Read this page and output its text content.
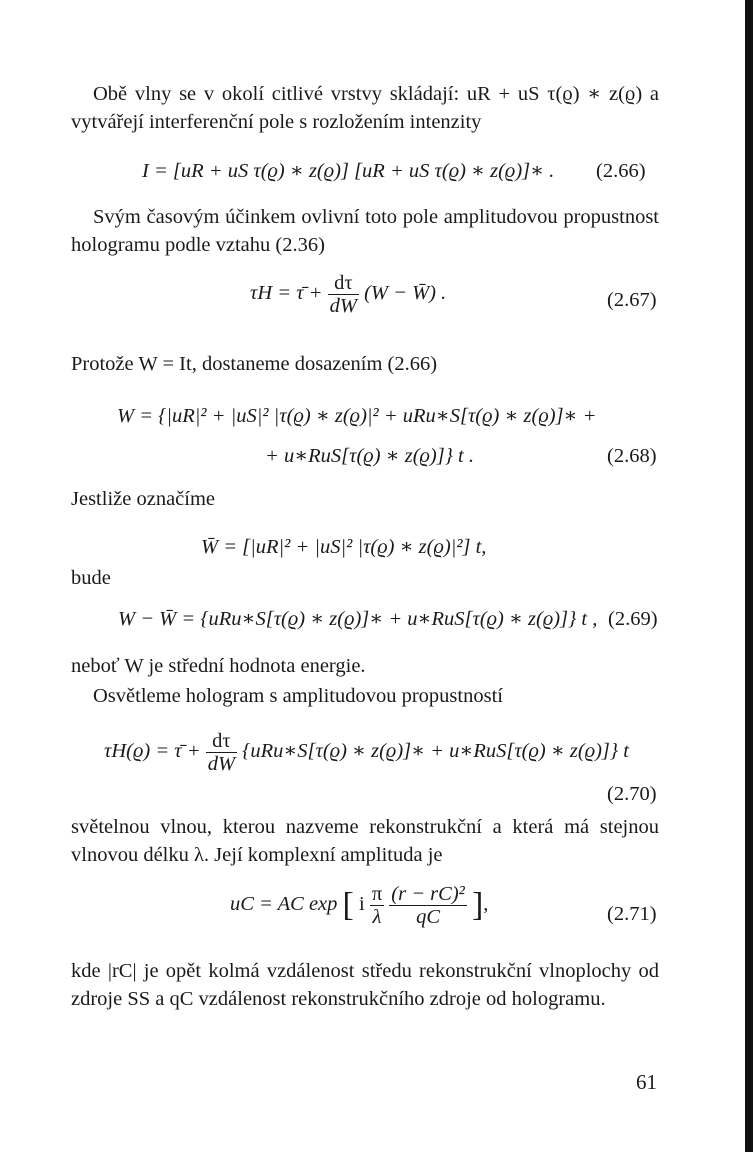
Obě vlny se v okolí citlivé vrstvy skládají: uR + uS τ(ϱ) ∗ z(ϱ) a vytvářejí interferenční pole s rozložením intenzity
I = [uR + uS τ(ϱ) ∗ z(ϱ)] [uR + uS τ(ϱ) ∗ z(ϱ)]∗ . (2.66)
Svým časovým účinkem ovlivní toto pole amplitudovou propustnost hologramu podle vztahu (2.36)
τH = τ̄ + $\frac{d\tau}{dW} (W$ − W̄) .	(2.67)
Protože W = It, dostaneme dosazením (2.66)
W = {|uR|² + |uS|² |τ(ϱ) ∗ z(ϱ)|² + uRu∗S[τ(ϱ) ∗ z(ϱ)]∗ +
+ u∗RuS[τ(ϱ) ∗ z(ϱ)]} t .	(2.68)
Jestliže označíme
W̄ = [|uR|² + |uS|² |τ(ϱ) ∗ z(ϱ)|²] t,
bude
W − W̄ = {uRu∗S[τ(ϱ) ∗ z(ϱ)]∗ + u∗RuS[τ(ϱ) ∗ z(ϱ)]} t , (2.69)
neboť W je střední hodnota energie.
Osvětleme hologram s amplitudovou propustností
τH(ϱ) = τ̄ + $\frac{d\tau}{dW}$ {uRu∗S[τ(ϱ) ∗ z(ϱ)]∗ + u∗RuS[τ(ϱ) ∗ z(ϱ)]} t
(2.70)
světelnou vlnou, kterou nazveme rekonstrukční a která má stejnou vlnovou délku λ. Její komplexní amplituda je
uC = AC exp [ i $\frac{\pi}{\lambda}$
$\frac{\text{(r − rC)²}}{qC}$ ],	(2.71)
kde |rC| je opět kolmá vzdálenost středu rekonstrukční vlnoplochy od zdroje SS a qC vzdálenost rekonstrukčního zdroje od hologramu.
61
